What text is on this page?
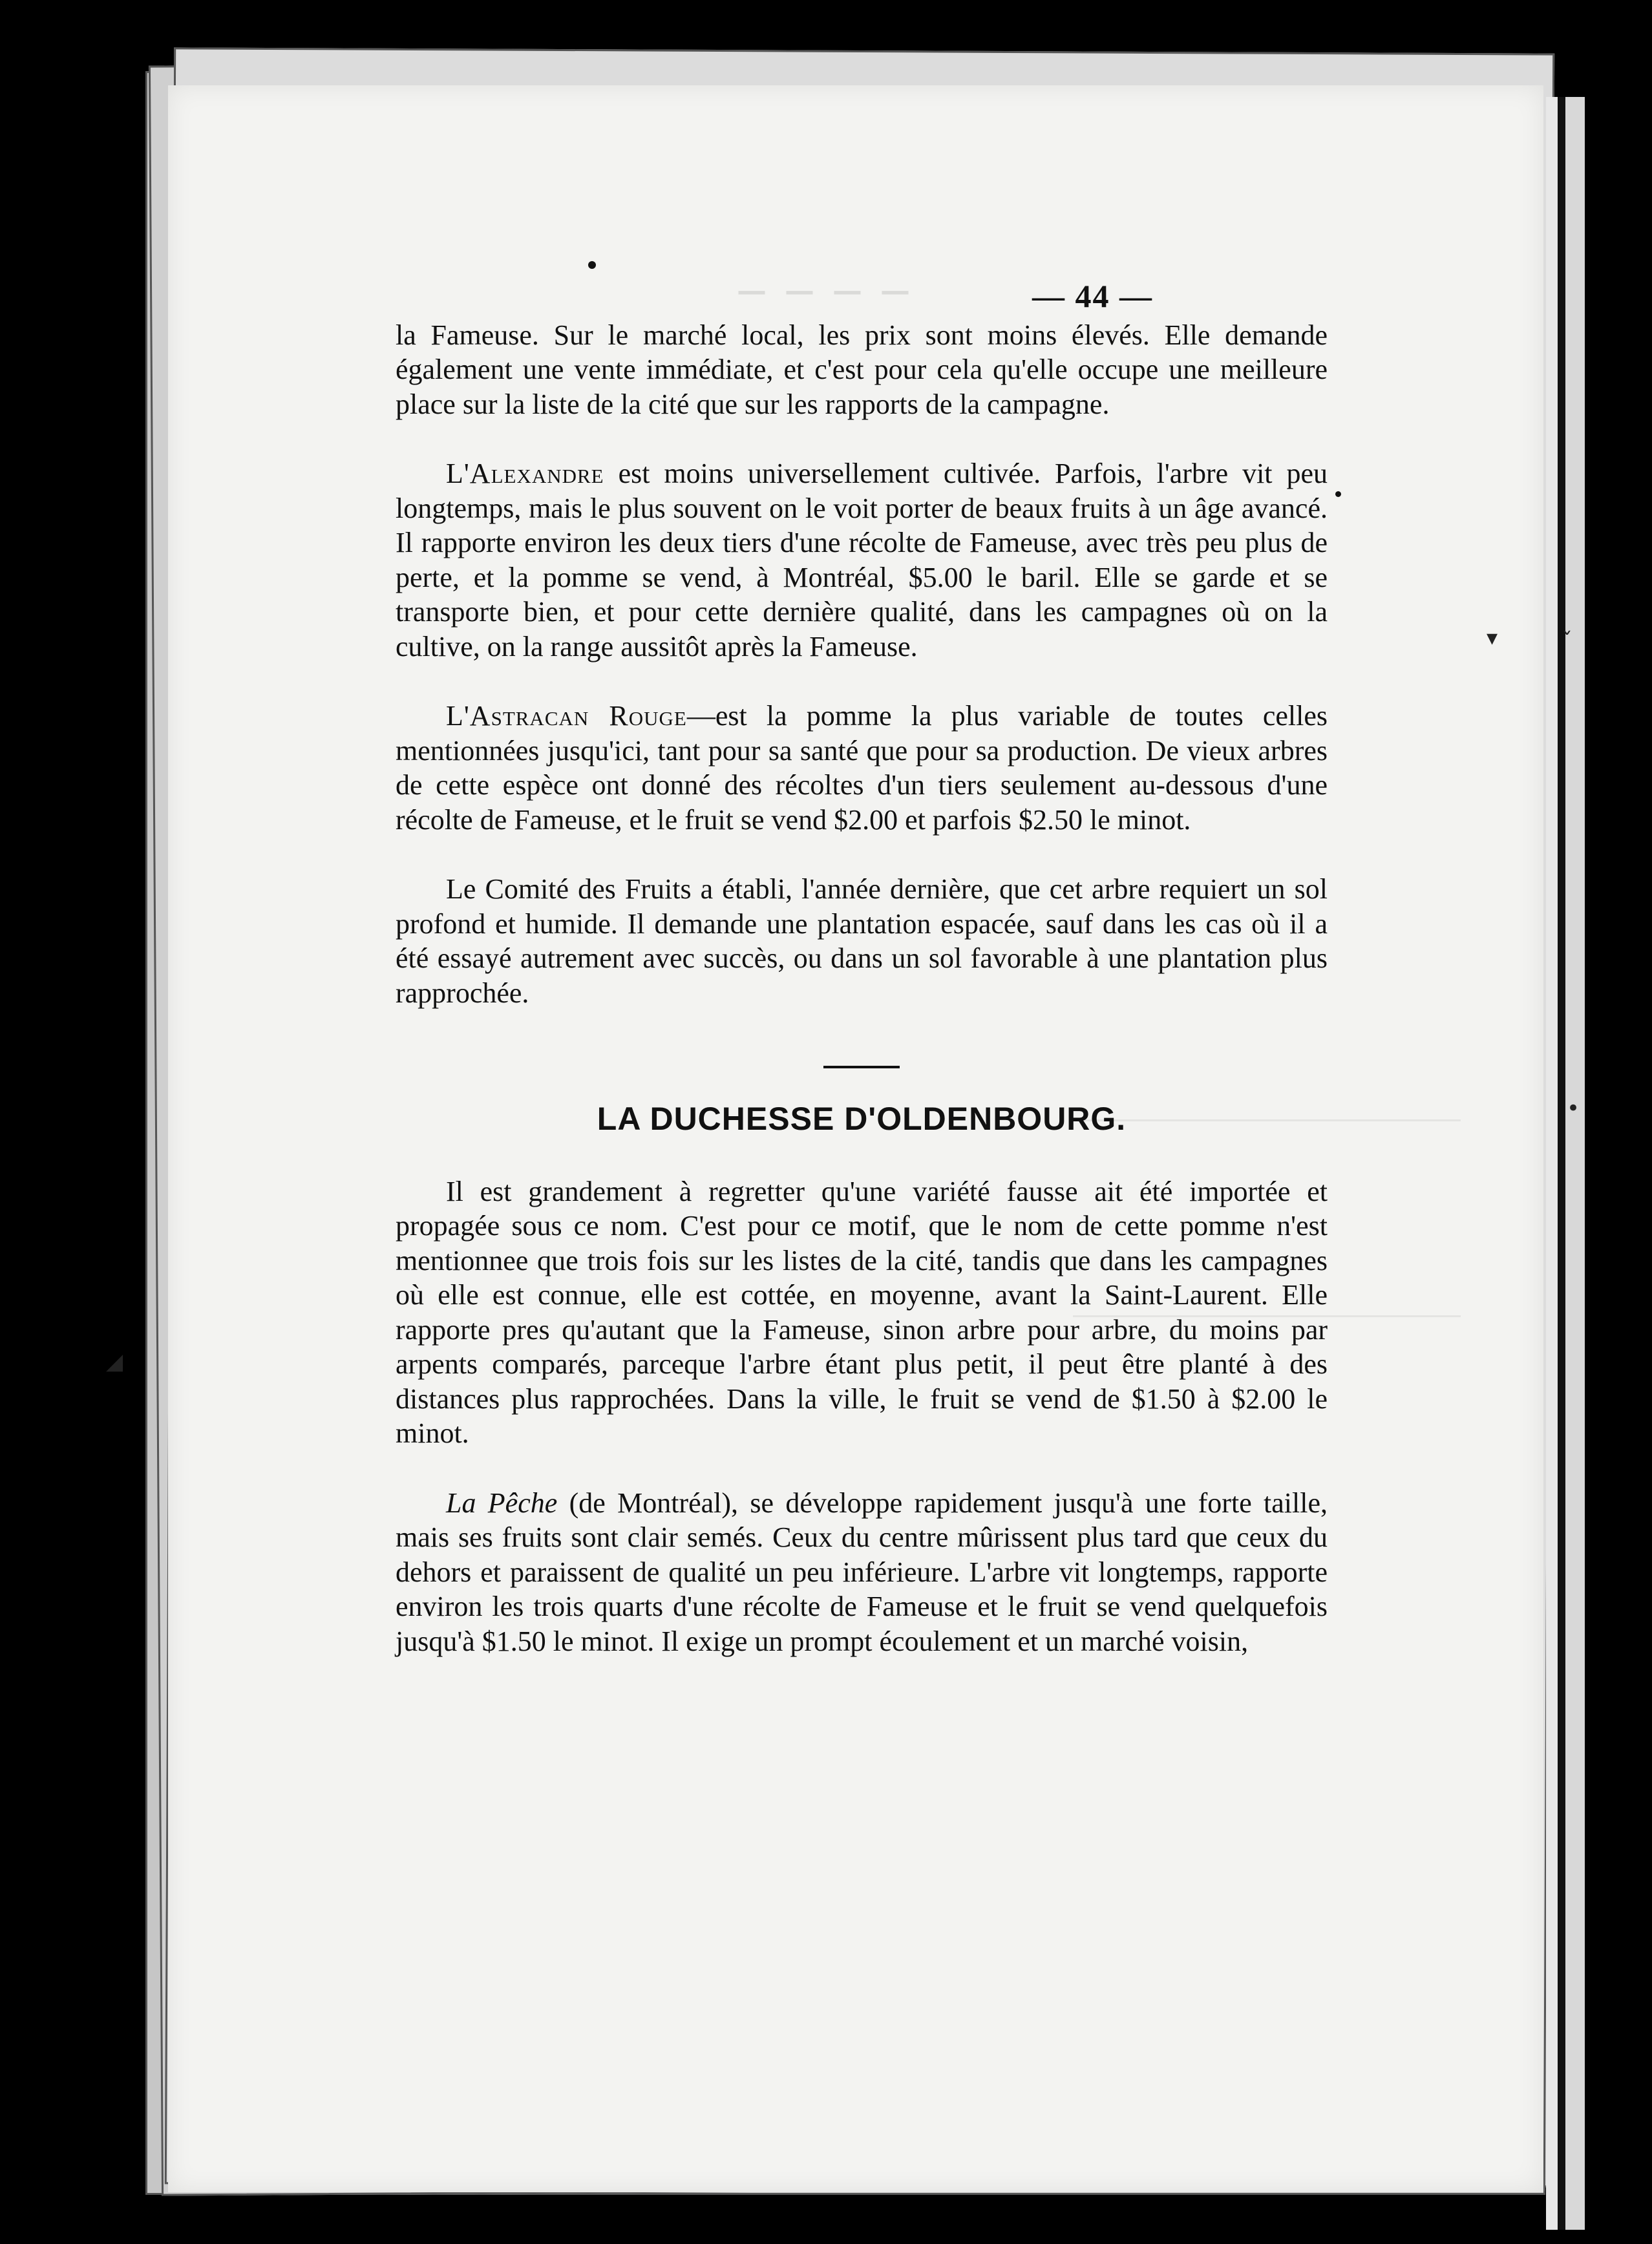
— — — —
▾
◢
ˇ
•
— 44 —

la Fameuse. Sur le marché local, les prix sont moins élevés. Elle demande également une vente immédiate, et c'est pour cela qu'elle occupe une meilleure place sur la liste de la cité que sur les rapports de la campagne.

L'Alexandre est moins universellement cultivée. Parfois, l'arbre vit peu longtemps, mais le plus souvent on le voit porter de beaux fruits à un âge avancé. Il rapporte environ les deux tiers d'une récolte de Fameuse, avec très peu plus de perte, et la pomme se vend, à Montréal, $5.00 le baril. Elle se garde et se transporte bien, et pour cette dernière qualité, dans les campagnes où on la cultive, on la range aussitôt après la Fameuse.

L'Astracan Rouge—est la pomme la plus variable de toutes celles mentionnées jusqu'ici, tant pour sa santé que pour sa production. De vieux arbres de cette espèce ont donné des récoltes d'un tiers seulement au-dessous d'une récolte de Fameuse, et le fruit se vend $2.00 et parfois $2.50 le minot.

Le Comité des Fruits a établi, l'année dernière, que cet arbre requiert un sol profond et humide. Il demande une plantation espacée, sauf dans les cas où il a été essayé autrement avec succès, ou dans un sol favorable à une plantation plus rapprochée.

LA DUCHESSE D'OLDENBOURG.

Il est grandement à regretter qu'une variété fausse ait été importée et propagée sous ce nom. C'est pour ce motif, que le nom de cette pomme n'est mentionnee que trois fois sur les listes de la cité, tandis que dans les campagnes où elle est connue, elle est cottée, en moyenne, avant la Saint-Laurent. Elle rapporte pres qu'autant que la Fameuse, sinon arbre pour arbre, du moins par arpents comparés, parceque l'arbre étant plus petit, il peut être planté à des distances plus rapprochées. Dans la ville, le fruit se vend de $1.50 à $2.00 le minot.

La Pêche (de Montréal), se développe rapidement jusqu'à une forte taille, mais ses fruits sont clair semés. Ceux du centre mûrissent plus tard que ceux du dehors et paraissent de qualité un peu inférieure. L'arbre vit longtemps, rapporte environ les trois quarts d'une récolte de Fameuse et le fruit se vend quelquefois jusqu'à $1.50 le minot. Il exige un prompt écoulement et un marché voisin,
